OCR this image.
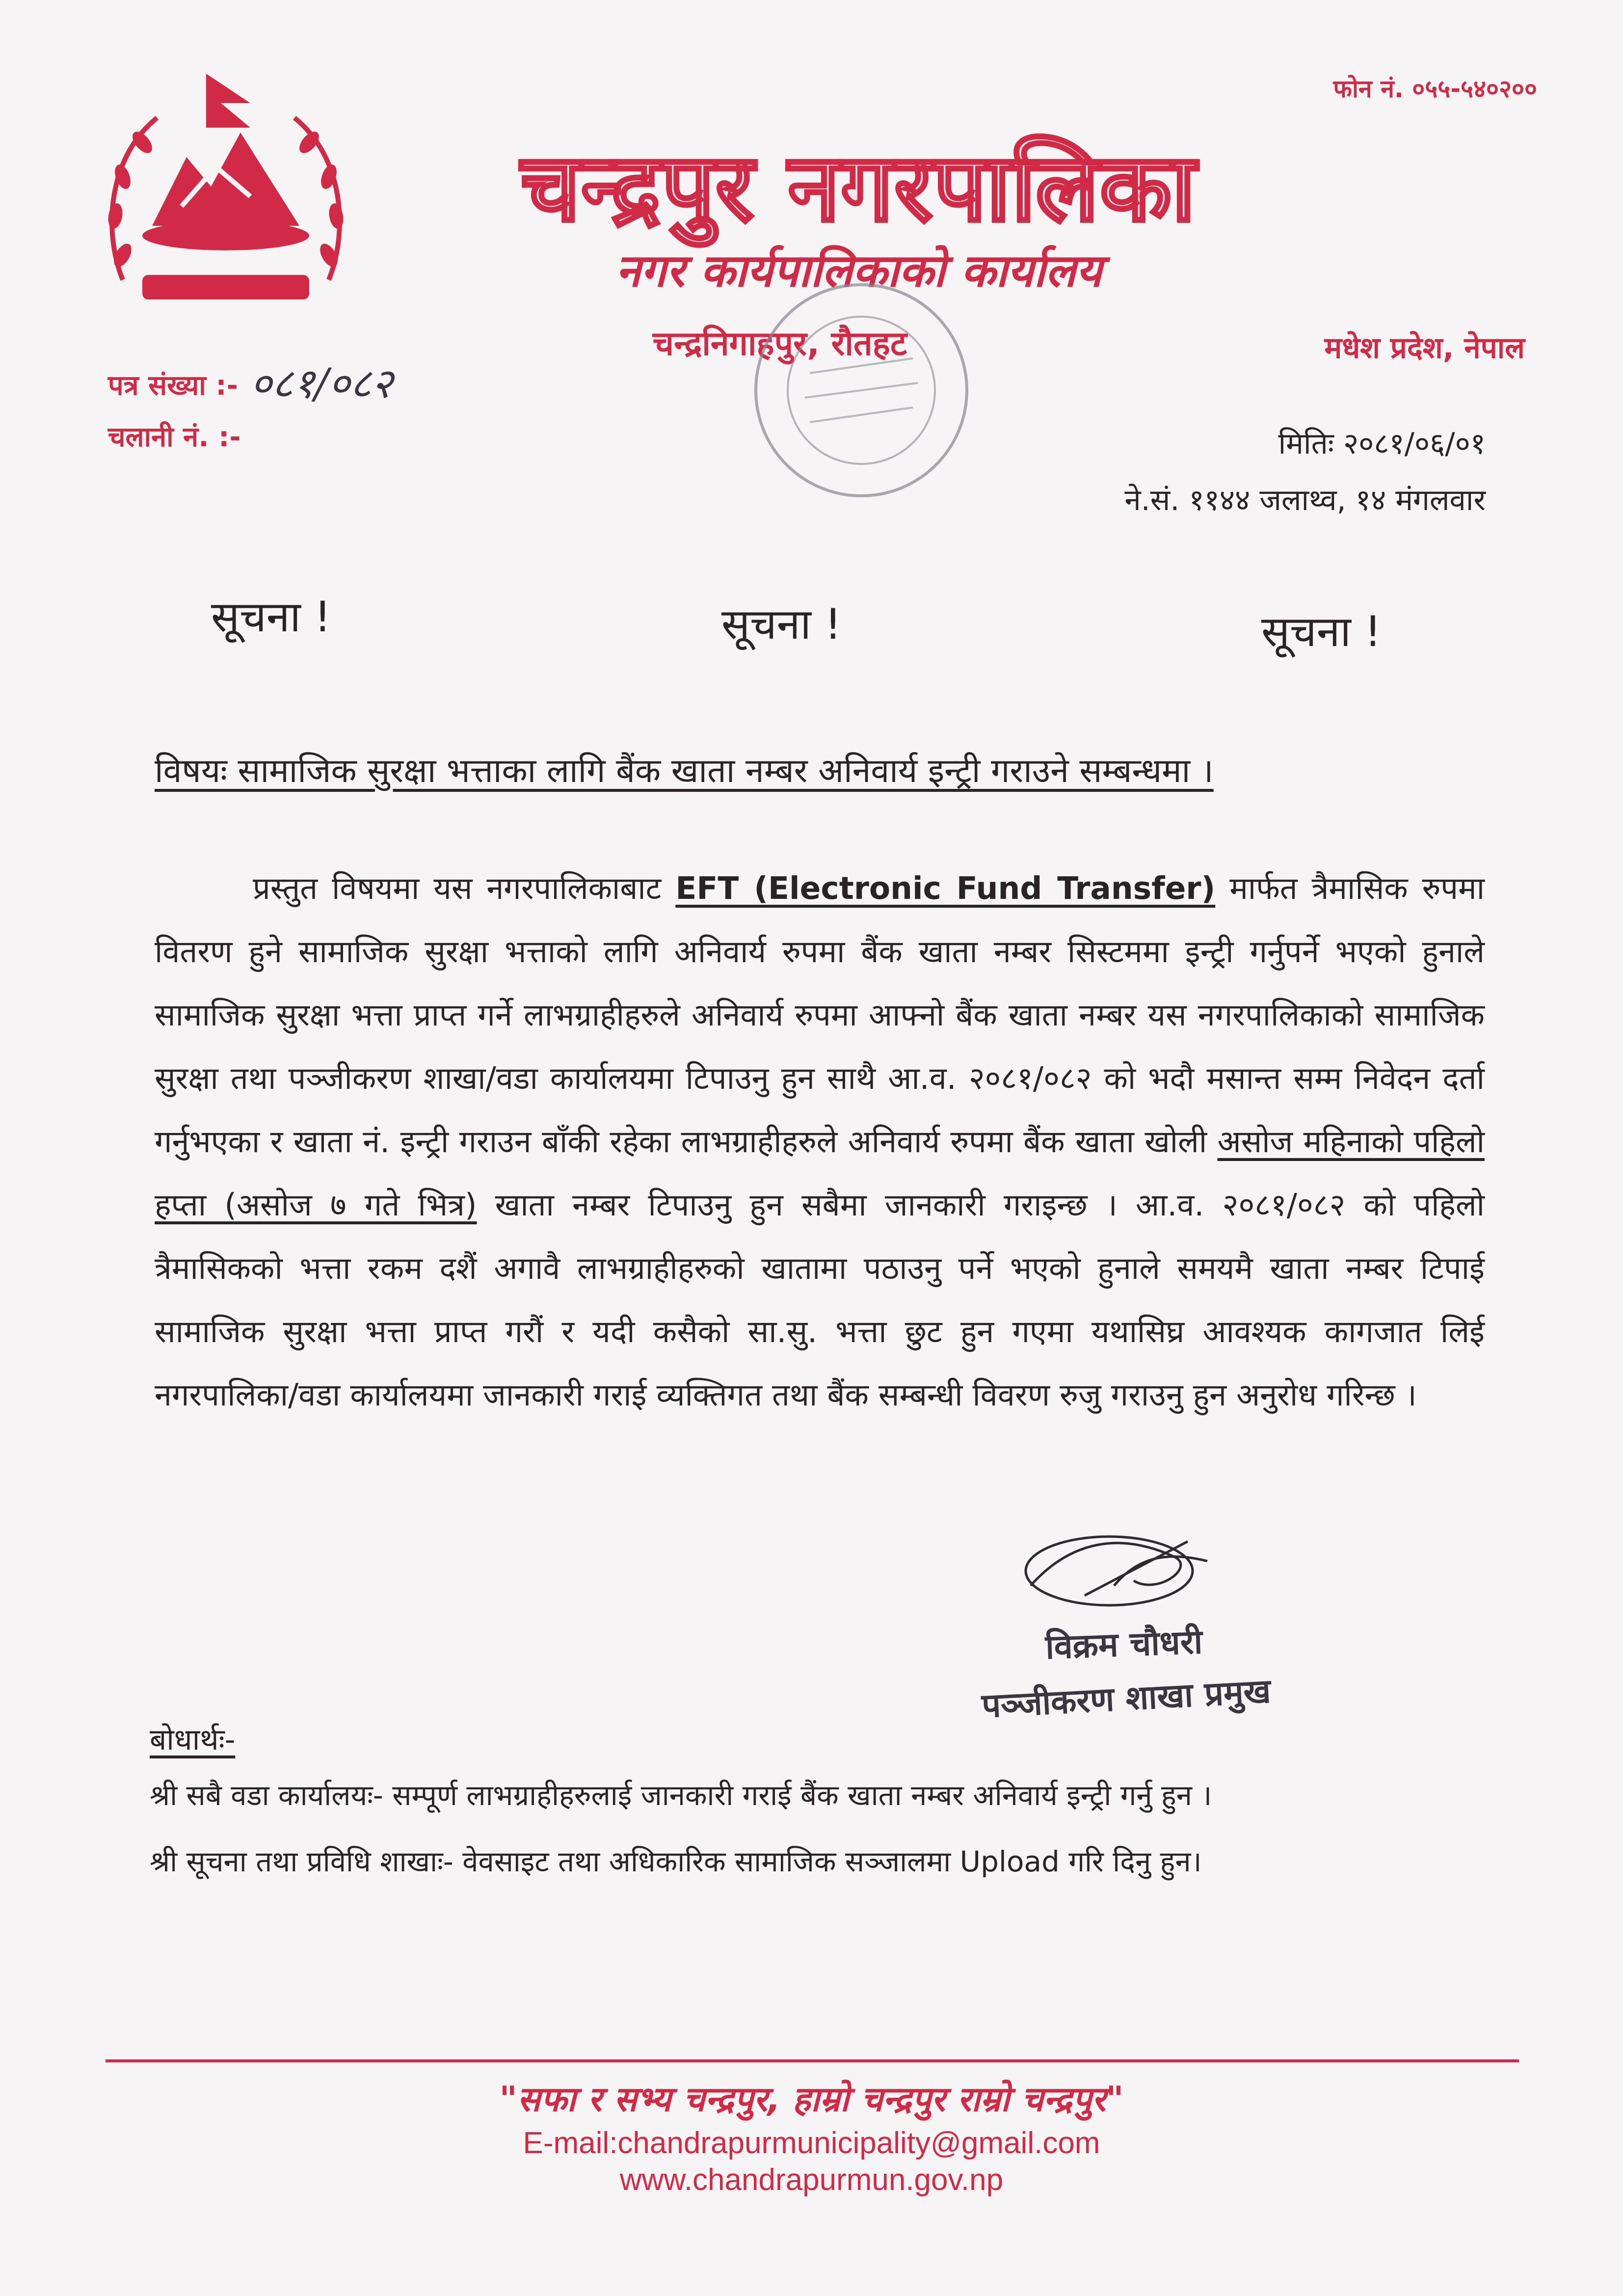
फोन नं. ०५५-५४०२००
चन्द्रपुर नगरपालिका
नगर कार्यपालिकाको कार्यालय
चन्द्रनिगाहपुर, रौतहट	मधेश प्रदेश, नेपाल
पत्र संख्या :- ०८१/०८२
चलानी नं. :-	मितिः २०८१/०६/०१
ने.सं. ११४४ जलाथ्व, १४ मंगलवार
सूचना !	सूचना !	सूचना !
विषयः सामाजिक सुरक्षा भत्ताका लागि बैंक खाता नम्बर अनिवार्य इन्ट्री गराउने सम्बन्धमा ।
प्रस्तुत विषयमा यस नगरपालिकाबाट EFT (Electronic Fund Transfer) मार्फत त्रैमासिक रुपमा वितरण हुने सामाजिक सुरक्षा भत्ताको लागि अनिवार्य रुपमा बैंक खाता नम्बर सिस्टममा इन्ट्री गर्नुपर्ने भएको हुनाले सामाजिक सुरक्षा भत्ता प्राप्त गर्ने लाभग्राहीहरुले अनिवार्य रुपमा आफ्नो बैंक खाता नम्बर यस नगरपालिकाको सामाजिक सुरक्षा तथा पञ्जीकरण शाखा/वडा कार्यालयमा टिपाउनु हुन साथै आ.व. २०८१/०८२ को भदौ मसान्त सम्म निवेदन दर्ता गर्नुभएका र खाता नं. इन्ट्री गराउन बाँकी रहेका लाभग्राहीहरुले अनिवार्य रुपमा बैंक खाता खोली असोज महिनाको पहिलो हप्ता (असोज ७ गते भित्र) खाता नम्बर टिपाउनु हुन सबैमा जानकारी गराइन्छ । आ.व. २०८१/०८२ को पहिलो त्रैमासिकको भत्ता रकम दशैं अगावै लाभग्राहीहरुको खातामा पठाउनु पर्ने भएको हुनाले समयमै खाता नम्बर टिपाई सामाजिक सुरक्षा भत्ता प्राप्त गरौं र यदी कसैको सा.सु. भत्ता छुट हुन गएमा यथासिघ्र आवश्यक कागजात लिई नगरपालिका/वडा कार्यालयमा जानकारी गराई व्यक्तिगत तथा बैंक सम्बन्धी विवरण रुजु गराउनु हुन अनुरोध गरिन्छ ।
विक्रम चौधरी
पञ्जीकरण शाखा प्रमुख
बोधार्थः-
श्री सबै वडा कार्यालयः- सम्पूर्ण लाभग्राहीहरुलाई जानकारी गराई बैंक खाता नम्बर अनिवार्य इन्ट्री गर्नु हुन ।
श्री सूचना तथा प्रविधि शाखाः- वेवसाइट तथा अधिकारिक सामाजिक सञ्जालमा Upload गरि दिनु हुन।
"सफा र सभ्य चन्द्रपुर, हाम्रो चन्द्रपुर राम्रो चन्द्रपुर"
E-mail:chandrapurmunicipality@gmail.com
www.chandrapurmun.gov.np
